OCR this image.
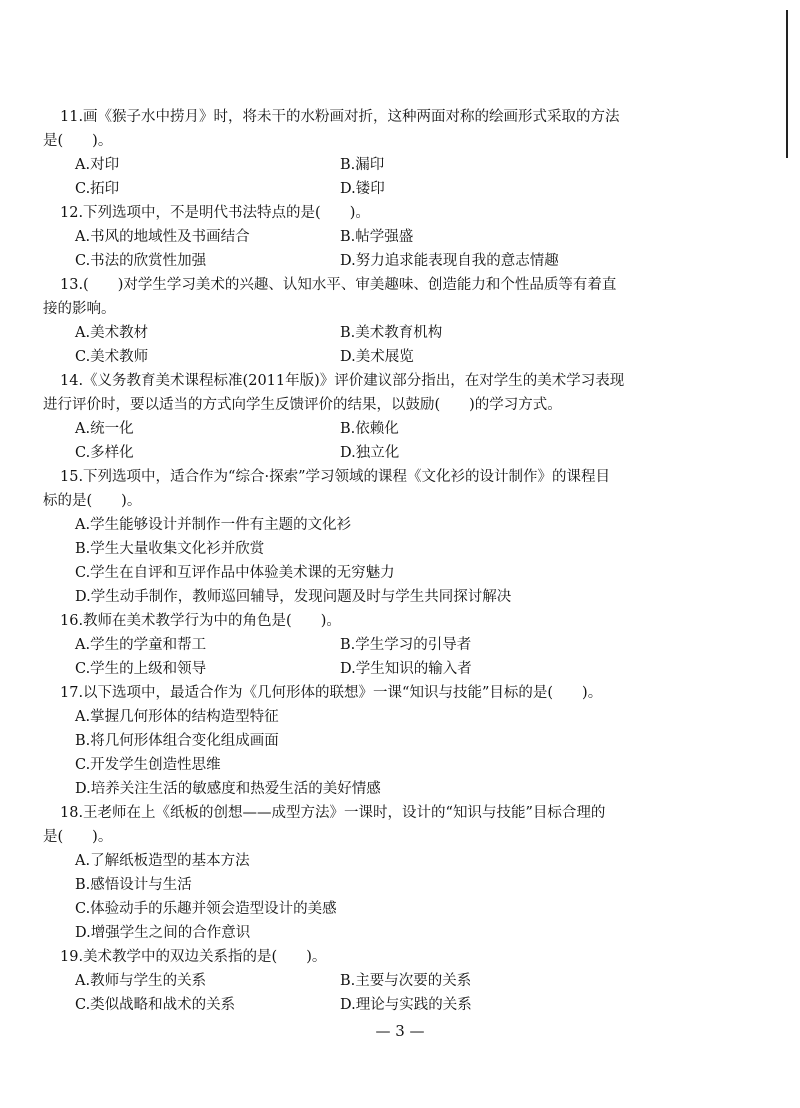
11.画《猴子水中捞月》时，将未干的水粉画对折，这种两面对称的绘画形式采取的方法
是(　　)。
A.对印	B.漏印
C.拓印	D.镂印
12.下列选项中，不是明代书法特点的是(　　)。
A.书风的地域性及书画结合	B.帖学强盛
C.书法的欣赏性加强	D.努力追求能表现自我的意志情趣
13.(　　)对学生学习美术的兴趣、认知水平、审美趣味、创造能力和个性品质等有着直
接的影响。
A.美术教材	B.美术教育机构
C.美术教师	D.美术展览
14.《义务教育美术课程标准(2011年版)》评价建议部分指出，在对学生的美术学习表现
进行评价时，要以适当的方式向学生反馈评价的结果，以鼓励(　　)的学习方式。
A.统一化	B.依赖化
C.多样化	D.独立化
15.下列选项中，适合作为“综合·探索”学习领域的课程《文化衫的设计制作》的课程目
标的是(　　)。
A.学生能够设计并制作一件有主题的文化衫
B.学生大量收集文化衫并欣赏
C.学生在自评和互评作品中体验美术课的无穷魅力
D.学生动手制作，教师巡回辅导，发现问题及时与学生共同探讨解决
16.教师在美术教学行为中的角色是(　　)。
A.学生的学童和帮工	B.学生学习的引导者
C.学生的上级和领导	D.学生知识的输入者
17.以下选项中，最适合作为《几何形体的联想》一课“知识与技能”目标的是(　　)。
A.掌握几何形体的结构造型特征
B.将几何形体组合变化组成画面
C.开发学生创造性思维
D.培养关注生活的敏感度和热爱生活的美好情感
18.王老师在上《纸板的创想——成型方法》一课时，设计的“知识与技能”目标合理的
是(　　)。
A.了解纸板造型的基本方法
B.感悟设计与生活
C.体验动手的乐趣并领会造型设计的美感
D.增强学生之间的合作意识
19.美术教学中的双边关系指的是(　　)。
A.教师与学生的关系	B.主要与次要的关系
C.类似战略和战术的关系	D.理论与实践的关系
— 3 —
